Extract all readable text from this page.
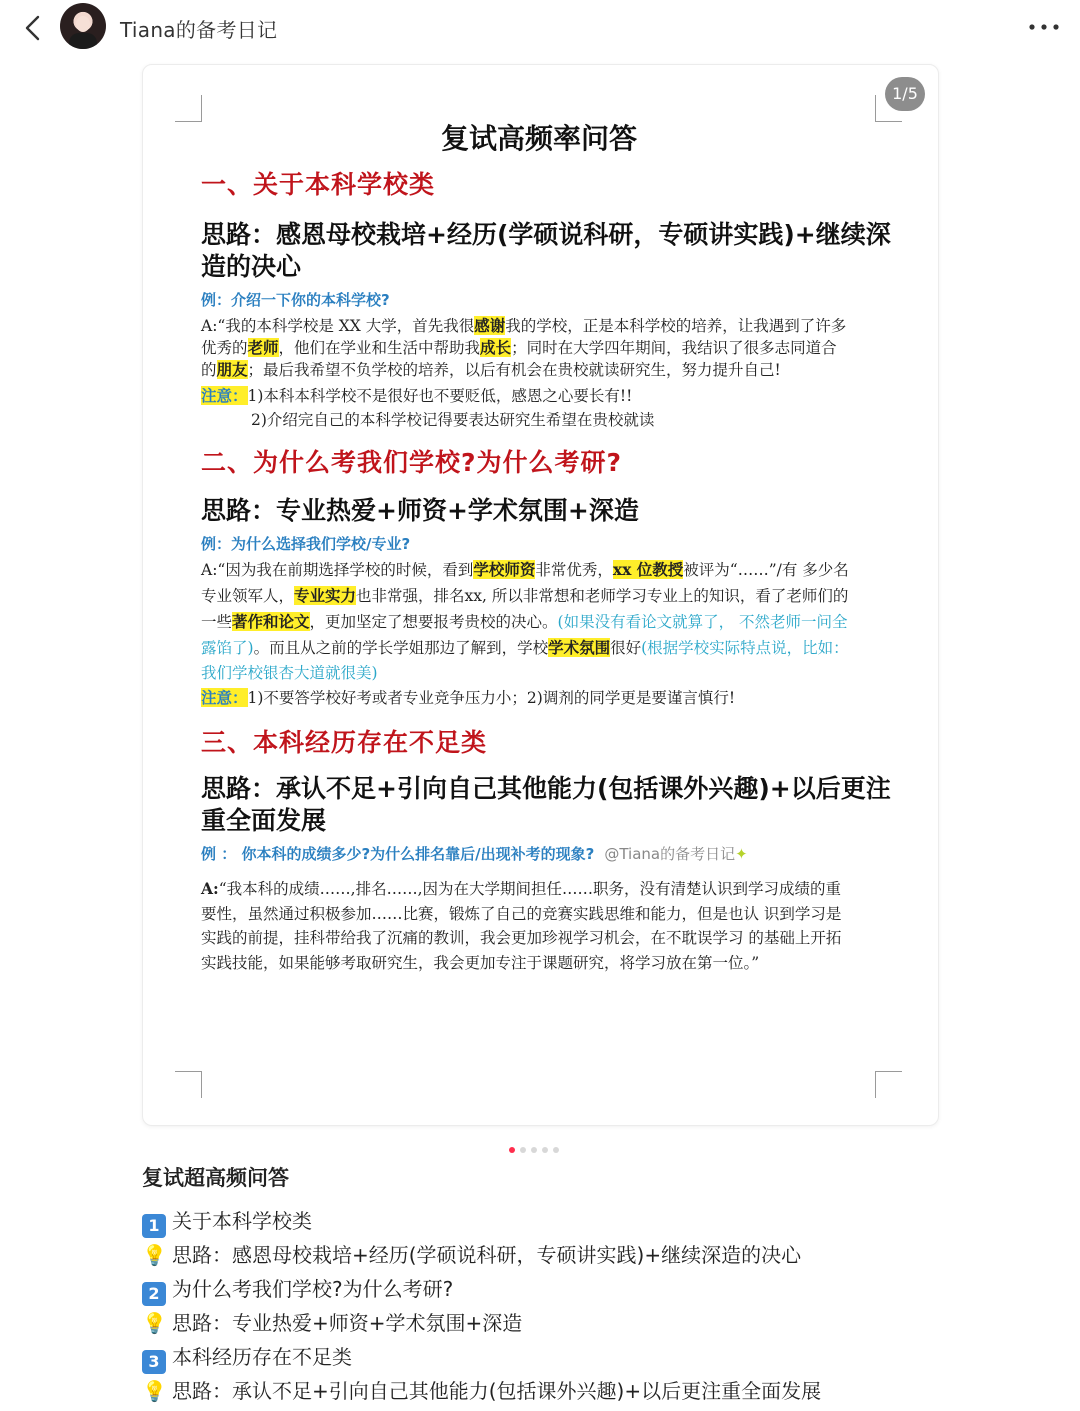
Tiana的备考日记
1/5
复试高频率问答
一、关于本科学校类
思路：感恩母校栽培+经历(学硕说科研，专硕讲实践)+继续深造的决心
例：介绍一下你的本科学校?
A:“我的本科学校是 XX 大学，首先我很感谢我的学校，正是本科学校的培养，让我遇到了许多优秀的老师，他们在学业和生活中帮助我成长；同时在大学四年期间，我结识了很多志同道合的朋友；最后我希望不负学校的培养，以后有机会在贵校就读研究生，努力提升自己!
注意：1)本科本科学校不是很好也不要贬低，感恩之心要长有!!
2)介绍完自己的本科学校记得要表达研究生希望在贵校就读
二、为什么考我们学校?为什么考研?
思路：专业热爱+师资+学术氛围+深造
例：为什么选择我们学校/专业?
A:“因为我在前期选择学校的时候，看到学校师资非常优秀，xx 位教授被评为“……”/有 多少名专业领军人，专业实力也非常强，排名xx, 所以非常想和老师学习专业上的知识，看了老师们的一些著作和论文，更加坚定了想要报考贵校的决心。(如果没有看论文就算了， 不然老师一问全露馅了)。而且从之前的学长学姐那边了解到，学校学术氛围很好(根据学校实际特点说，比如：我们学校银杏大道就很美)
注意：1)不要答学校好考或者专业竞争压力小；2)调剂的同学更是要谨言慎行!
三、本科经历存在不足类
思路：承认不足+引向自己其他能力(包括课外兴趣)+以后更注重全面发展
例 ： 你本科的成绩多少?为什么排名靠后/出现补考的现象? @Tiana的备考日记✦
A:“我本科的成绩……,排名……,因为在大学期间担任……职务，没有清楚认识到学习成绩的重要性，虽然通过积极参加……比赛，锻炼了自己的竞赛实践思维和能力，但是也认 识到学习是实践的前提，挂科带给我了沉痛的教训，我会更加珍视学习机会，在不耽误学习 的基础上开拓实践技能，如果能够考取研究生，我会更加专注于课题研究，将学习放在第一位。”
复试超高频问答
1 关于本科学校类
💡 思路：感恩母校栽培+经历(学硕说科研，专硕讲实践)+继续深造的决心
2 为什么考我们学校?为什么考研?
💡 思路：专业热爱+师资+学术氛围+深造
3 本科经历存在不足类
💡 思路：承认不足+引向自己其他能力(包括课外兴趣)+以后更注重全面发展
